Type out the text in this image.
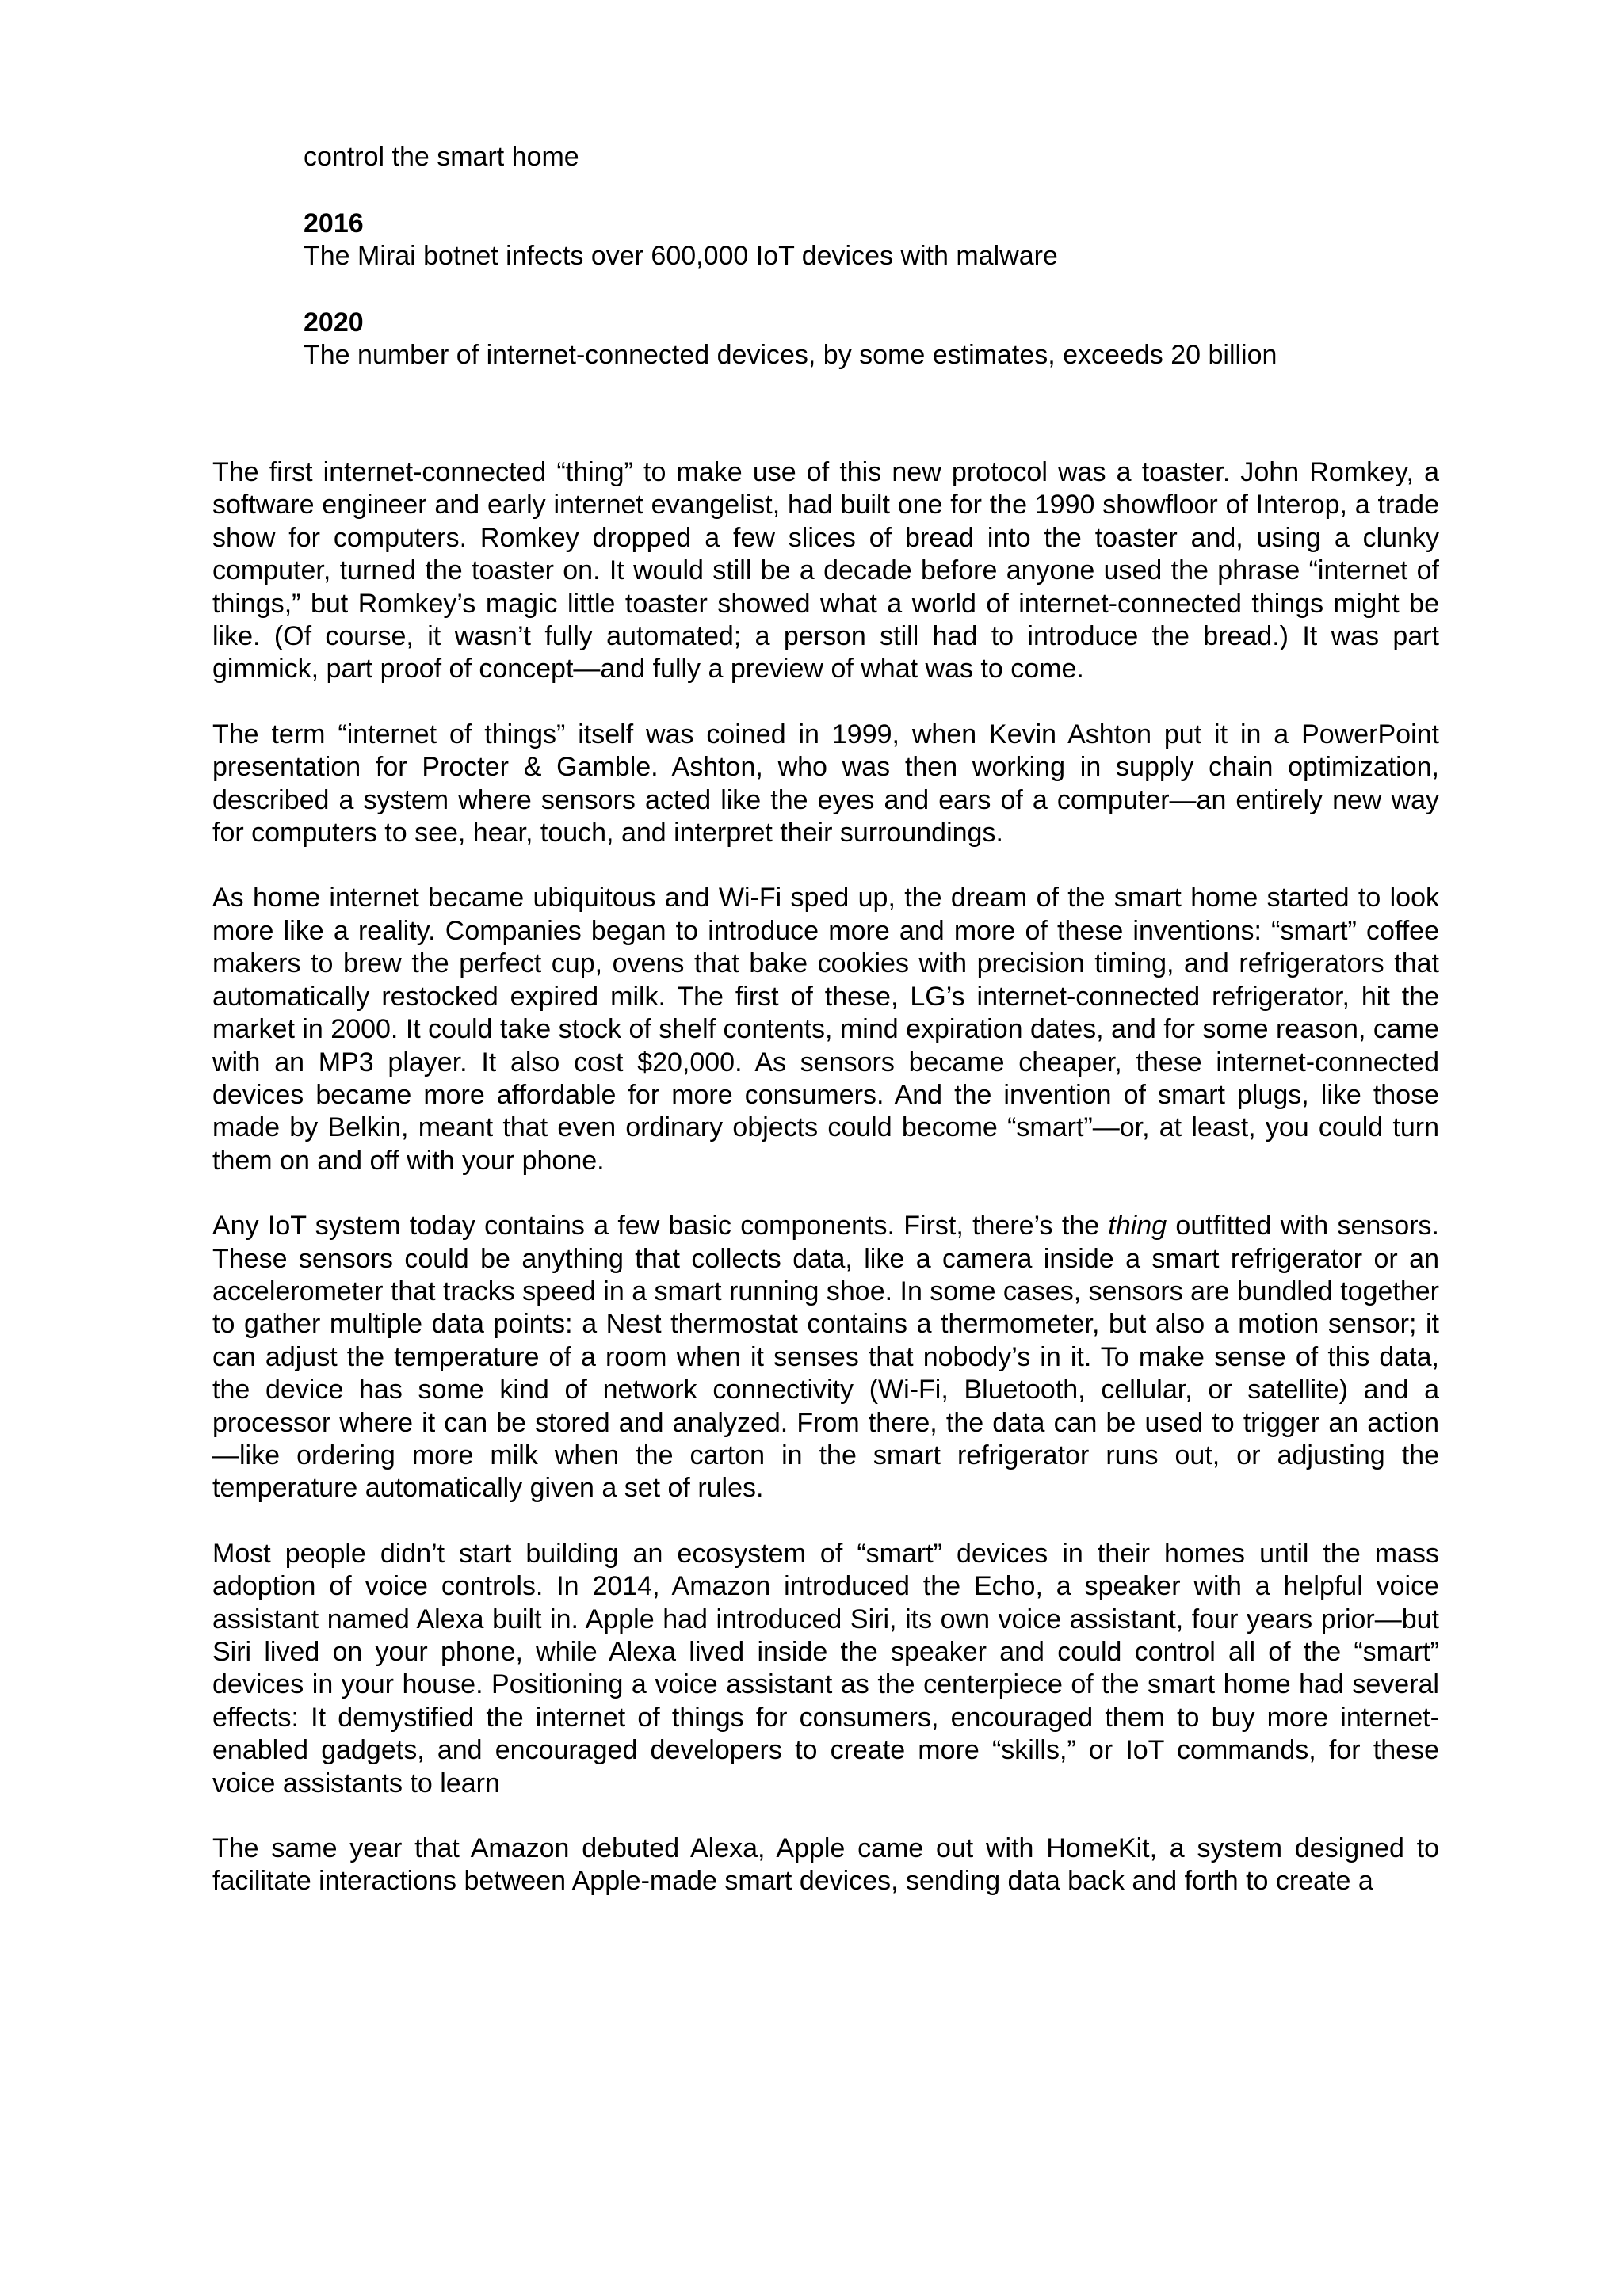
control the smart home
2016
The Mirai botnet infects over 600,000 IoT devices with malware
2020
The number of internet-connected devices, by some estimates, exceeds 20 billion

The first internet-connected “thing” to make use of this new protocol was a toaster. John Romkey, a software engineer and early internet evangelist, had built one for the 1990 showfloor of Interop, a trade show for computers. Romkey dropped a few slices of bread into the toaster and, using a clunky computer, turned the toaster on. It would still be a decade before anyone used the phrase “internet of things,” but Romkey’s magic little toaster showed what a world of internet-connected things might be like. (Of course, it wasn’t fully automated; a person still had to introduce the bread.) It was part gimmick, part proof of concept—and fully a preview of what was to come.

The term “internet of things” itself was coined in 1999, when Kevin Ashton put it in a PowerPoint presentation for Procter & Gamble. Ashton, who was then working in supply chain optimization, described a system where sensors acted like the eyes and ears of a computer—an entirely new way for computers to see, hear, touch, and interpret their surroundings.

As home internet became ubiquitous and Wi-Fi sped up, the dream of the smart home started to look more like a reality. Companies began to introduce more and more of these inventions: “smart” coffee makers to brew the perfect cup, ovens that bake cookies with precision timing, and refrigerators that automatically restocked expired milk. The first of these, LG’s internet-connected refrigerator, hit the market in 2000. It could take stock of shelf contents, mind expiration dates, and for some reason, came with an MP3 player. It also cost $20,000. As sensors became cheaper, these internet-connected devices became more affordable for more consumers. And the invention of smart plugs, like those made by Belkin, meant that even ordinary objects could become “smart”—or, at least, you could turn them on and off with your phone.

Any IoT system today contains a few basic components. First, there’s the thing outfitted with sensors. These sensors could be anything that collects data, like a camera inside a smart refrigerator or an accelerometer that tracks speed in a smart running shoe. In some cases, sensors are bundled together to gather multiple data points: a Nest thermostat contains a thermometer, but also a motion sensor; it can adjust the temperature of a room when it senses that nobody’s in it. To make sense of this data, the device has some kind of network connectivity (Wi-Fi, Bluetooth, cellular, or satellite) and a processor where it can be stored and analyzed. From there, the data can be used to trigger an action—like ordering more milk when the carton in the smart refrigerator runs out, or adjusting the temperature automatically given a set of rules.

Most people didn’t start building an ecosystem of “smart” devices in their homes until the mass adoption of voice controls. In 2014, Amazon introduced the Echo, a speaker with a helpful voice assistant named Alexa built in. Apple had introduced Siri, its own voice assistant, four years prior—but Siri lived on your phone, while Alexa lived inside the speaker and could control all of the “smart” devices in your house. Positioning a voice assistant as the centerpiece of the smart home had several effects: It demystified the internet of things for consumers, encouraged them to buy more internet-enabled gadgets, and encouraged developers to create more “skills,” or IoT commands, for these voice assistants to learn

The same year that Amazon debuted Alexa, Apple came out with HomeKit, a system designed to facilitate interactions between Apple-made smart devices, sending data back and forth to create a
